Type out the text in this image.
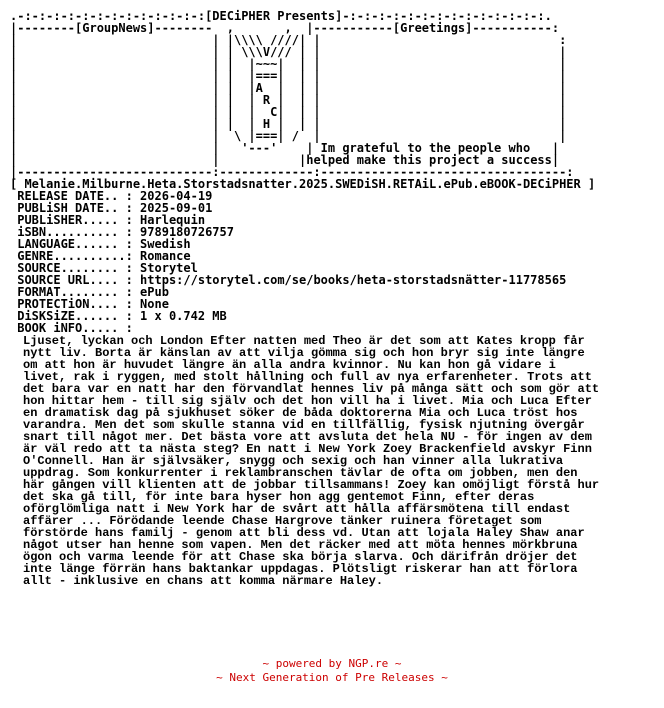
.-:-:-:-:-:-:-:-:-:-:-:-:-:[DECiPHER Presents]-:-:-:-:-:-:-:-:-:-:-:-:-:-:.
|--------[GroupNews]--------  ,       ,  |-----------[Greetings]-----------:
|                           | |\\\\ ////| |                                 :
|                           | | \\\V/// | |                                 |
|                           | |  |~~~|  | |                                 |
|                           | |  |===|  | |                                 |
|                           | |  |A  |  | |                                 |
|                           | |  | R |  | |                                 |
|                           | |  |  C|  | |                                 |
|                           | |  | H |  | |                                 |
|                           |  \ |===| /  |                                 |
|                           |   '---'    | Im grateful to the people who   |
|                           |	|helped make this project a success|
|---------------------------:-------------:----------------------------------:
[ Melanie.Milburne.Heta.Storstadsnatter.2025.SWEDiSH.RETAiL.ePub.eBOOK-DECiPHER ]
RELEASE DATE.. : 2026-04-19
PUBLiSH DATE.. : 2025-09-01
PUBLiSHER..... : Harlequin
iSBN.......... : 9789180726757
LANGUAGE...... : Swedish
GENRE..........: Romance
SOURCE........ : Storytel
SOURCE URL.... : https://storytel.com/se/books/heta-storstadsnätter-11778565
FORMAT........ : ePub
PROTECTiON.... : None
DiSKSiZE...... : 1 x 0.742 MB
BOOK iNFO..... :
Ljuset, lyckan och London Efter natten med Theo är det som att Kates kropp får nytt liv. Borta är känslan av att vilja gömma sig och hon bryr sig inte längre om att hon är huvudet längre än alla andra kvinnor. Nu kan hon gå vidare i livet, rak i ryggen, med stolt hållning och full av nya erfarenheter. Trots att det bara var en natt har den förvandlat hennes liv på många sätt och som gör att hon hittar hem - till sig själv och det hon vill ha i livet. Mia och Luca Efter en dramatisk dag på sjukhuset söker de båda doktorerna Mia och Luca tröst hos varandra. Men det som skulle stanna vid en tillfällig, fysisk njutning övergår snart till något mer. Det bästa vore att avsluta det hela NU - för ingen av dem är väl redo att ta nästa steg? En natt i New York Zoey Brackenfield avskyr Finn O'Connell. Han är självsäker, snygg och sexig och han vinner alla lukrativa uppdrag. Som konkurrenter i reklambranschen tävlar de ofta om jobben, men den här gången vill klienten att de jobbar tillsammans! Zoey kan omöjligt förstå hur det ska gå till, för inte bara hyser hon agg gentemot Finn, efter deras oförglömliga natt i New York har de svårt att hålla affärsmötena till endast affärer ... Förödande leende Chase Hargrove tänker ruinera företaget som förstörde hans familj - genom att bli dess vd. Utan att lojala Haley Shaw anar något utser han henne som vapen. Men det räcker med att möta hennes mörkbruna ögon och varma leende för att Chase ska börja slarva. Och därifrån dröjer det inte länge förrän hans baktankar uppdagas. Plötsligt riskerar han att förlora allt - inklusive en chans att komma närmare Haley.
~ powered by NGP.re ~
~ Next Generation of Pre Releases ~
